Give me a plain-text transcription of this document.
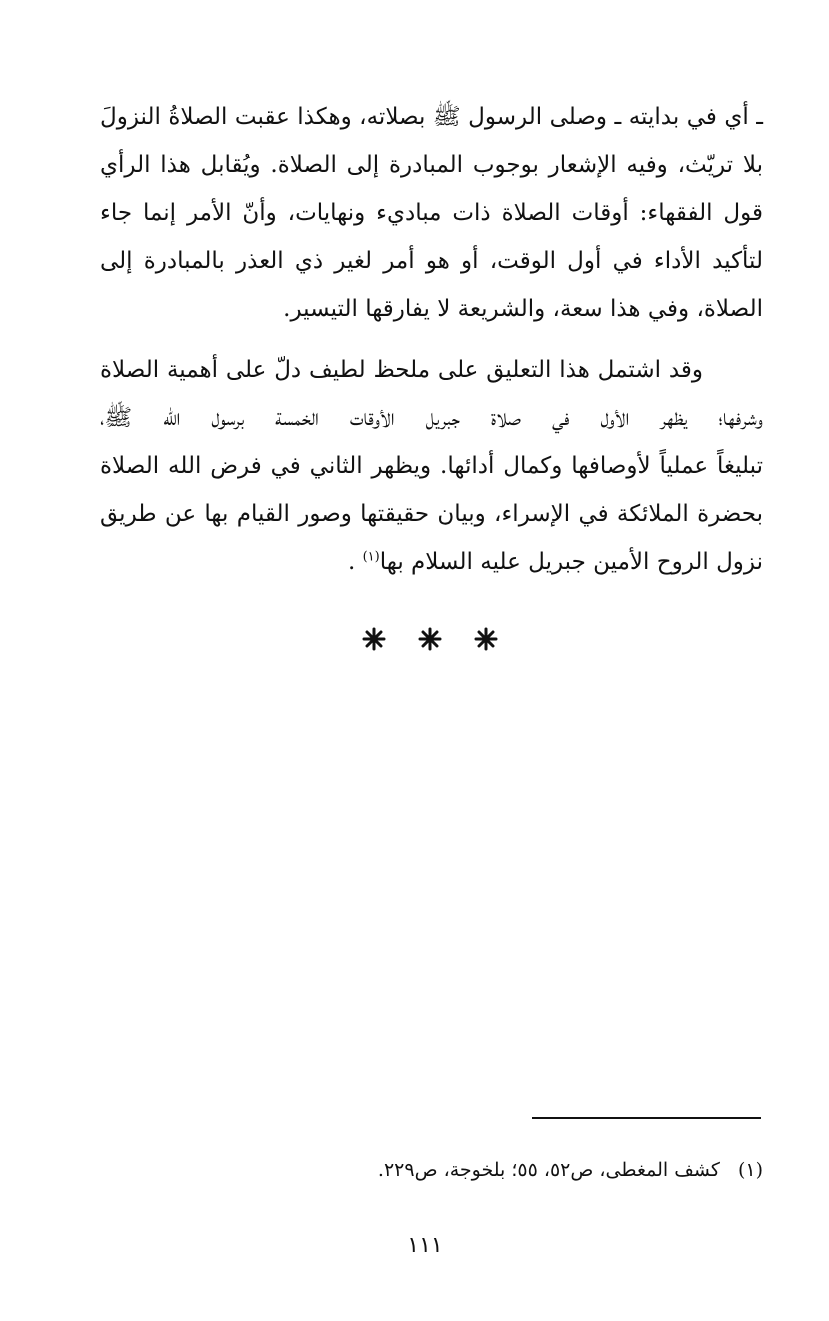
ـ أي في بدايته ـ وصلى الرسول ﷺ بصلاته، وهكذا عقبت الصلاةُ النزولَ
بلا تريّث، وفيه الإشعار بوجوب المبادرة إلى الصلاة. ويُقابل هذا الرأي
قول الفقهاء: أوقات الصلاة ذات مباديء ونهايات، وأنّ الأمر إنما جاء
لتأكيد الأداء في أول الوقت، أو هو أمر لغير ذي العذر بالمبادرة إلى
الصلاة، وفي هذا سعة، والشريعة لا يفارقها التيسير.
وقد اشتمل هذا التعليق على ملحظ لطيف دلّ على أهمية الصلاة
وشرفها؛ يظهر الأول في صلاة جبريل الأوقات الخمسة برسول الله ﷺ،
تبليغاً عملياً لأوصافها وكمال أدائها. ويظهر الثاني في فرض الله الصلاة
بحضرة الملائكة في الإسراء، وبيان حقيقتها وصور القيام بها عن طريق
نزول الروح الأمين جبريل عليه السلام بها$^{(١)}$ .
(١) كشف المغطى، ص٥٢، ٥٥؛ بلخوجة، ص٢٢٩.
١١١
